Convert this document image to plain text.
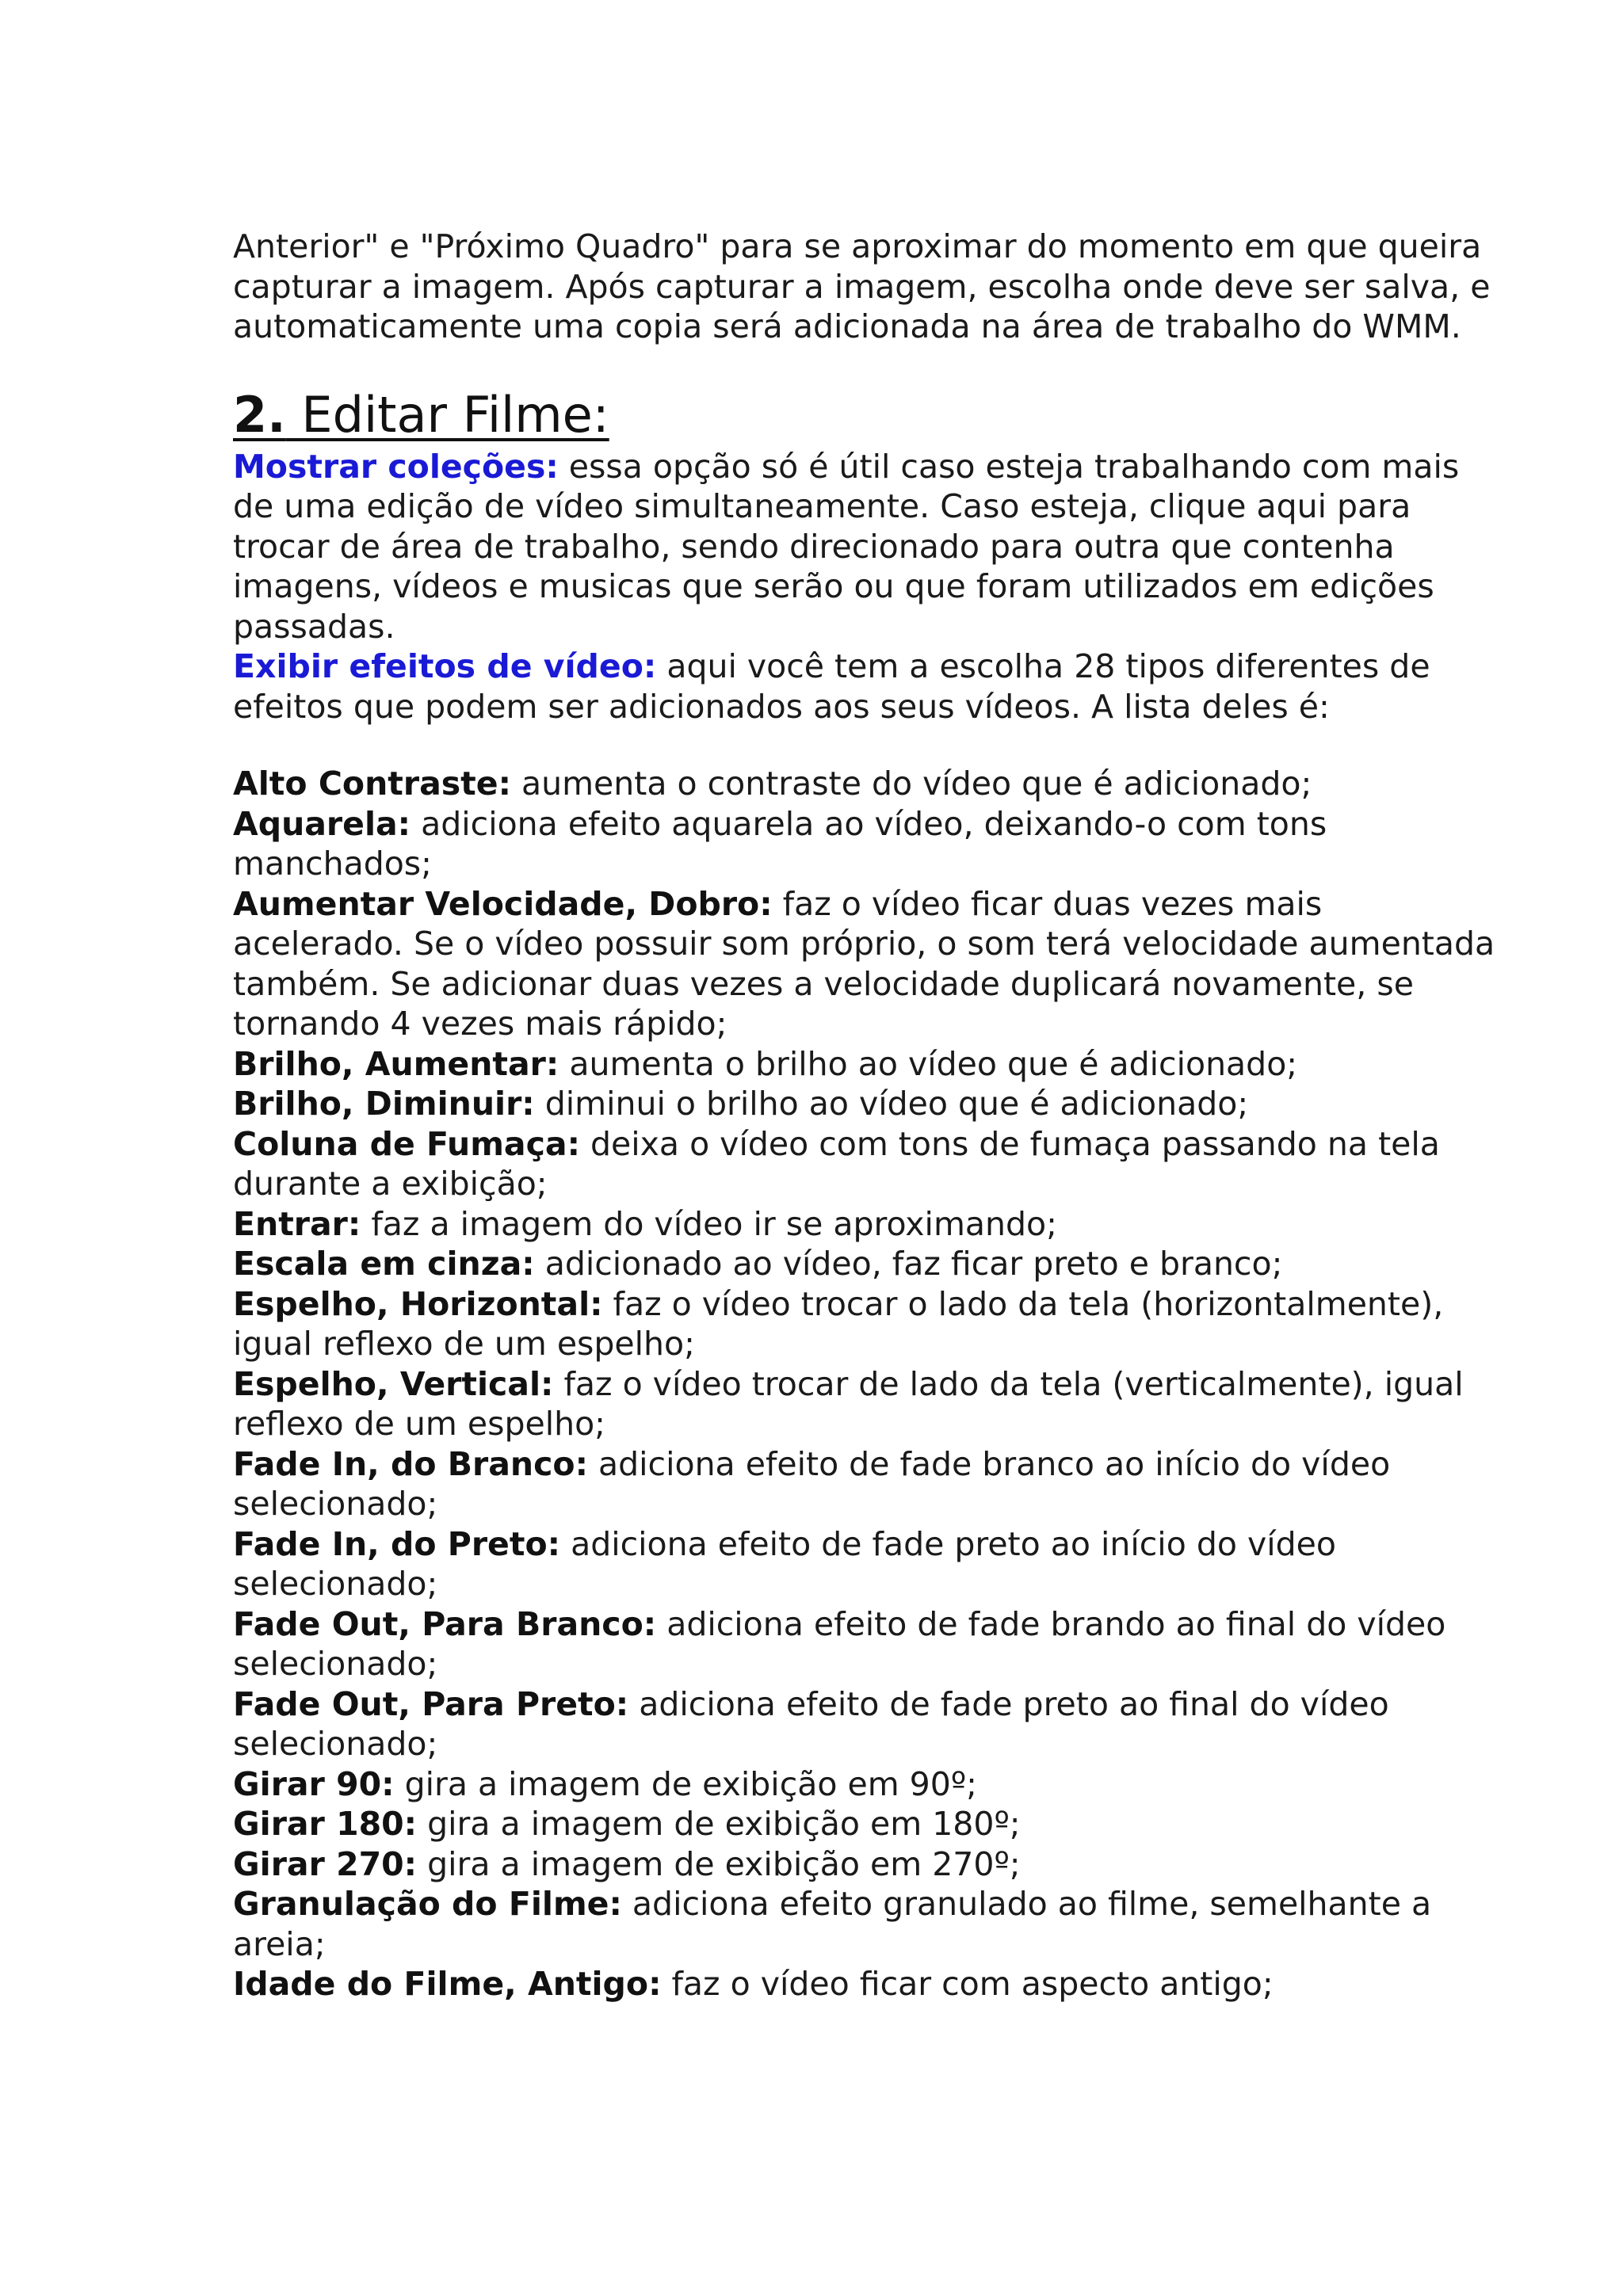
Anterior" e "Próximo Quadro" para se aproximar do momento em que queira capturar a imagem. Após capturar a imagem, escolha onde deve ser salva, e automaticamente uma copia será adicionada na área de trabalho do WMM.

2. Editar Filme:

Mostrar coleções: essa opção só é útil caso esteja trabalhando com mais de uma edição de vídeo simultaneamente. Caso esteja, clique aqui para trocar de área de trabalho, sendo direcionado para outra que contenha imagens, vídeos e musicas que serão ou que foram utilizados em edições passadas.

Exibir efeitos de vídeo: aqui você tem a escolha 28 tipos diferentes de efeitos que podem ser adicionados aos seus vídeos. A lista deles é:

Alto Contraste: aumenta o contraste do vídeo que é adicionado;

Aquarela: adiciona efeito aquarela ao vídeo, deixando-o com tons manchados;

Aumentar Velocidade, Dobro: faz o vídeo ficar duas vezes mais acelerado. Se o vídeo possuir som próprio, o som terá velocidade aumentada também. Se adicionar duas vezes a velocidade duplicará novamente, se tornando 4 vezes mais rápido;

Brilho, Aumentar: aumenta o brilho ao vídeo que é adicionado;

Brilho, Diminuir: diminui o brilho ao vídeo que é adicionado;

Coluna de Fumaça: deixa o vídeo com tons de fumaça passando na tela durante a exibição;

Entrar: faz a imagem do vídeo ir se aproximando;

Escala em cinza: adicionado ao vídeo, faz ficar preto e branco;

Espelho, Horizontal: faz o vídeo trocar o lado da tela (horizontalmente), igual reflexo de um espelho;

Espelho, Vertical: faz o vídeo trocar de lado da tela (verticalmente), igual reflexo de um espelho;

Fade In, do Branco: adiciona efeito de fade branco ao início do vídeo selecionado;

Fade In, do Preto: adiciona efeito de fade preto ao início do vídeo selecionado;

Fade Out, Para Branco: adiciona efeito de fade brando ao final do vídeo selecionado;

Fade Out, Para Preto: adiciona efeito de fade preto ao final do vídeo selecionado;

Girar 90: gira a imagem de exibição em 90º;

Girar 180: gira a imagem de exibição em 180º;

Girar 270: gira a imagem de exibição em 270º;

Granulação do Filme: adiciona efeito granulado ao filme, semelhante a areia;

Idade do Filme, Antigo: faz o vídeo ficar com aspecto antigo;
